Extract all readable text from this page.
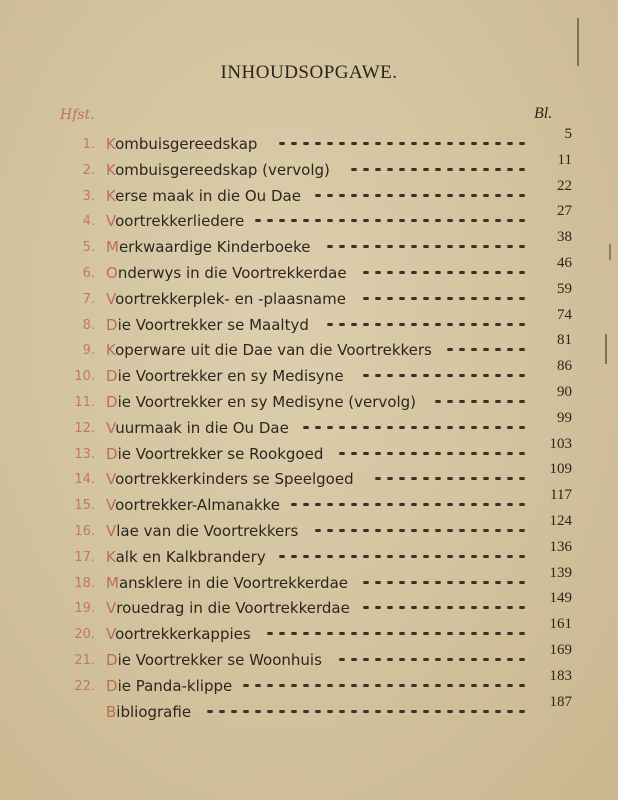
INHOUDSOPGAWE.
Hfst.	Bl.
1. Kombuisgereedskap
5
2. Kombuisgereedskap (vervolg)
11
3. Kerse maak in die Ou Dae
22
4. Voortrekkerliedere
27
5. Merkwaardige Kinderboeke
38
6. Onderwys in die Voortrekkerdae
46
7. Voortrekkerplek- en -plaasname
59
8. Die Voortrekker se Maaltyd
74
9. Koperware uit die Dae van die Voortrekkers
81
10. Die Voortrekker en sy Medisyne
86
11. Die Voortrekker en sy Medisyne (vervolg)
90
12. Vuurmaak in die Ou Dae
99
13. Die Voortrekker se Rookgoed
103
14. Voortrekkerkinders se Speelgoed
109
15. Voortrekker-Almanakke
117
16. Vlae van die Voortrekkers
124
17. Kalk en Kalkbrandery
136
18. Mansklere in die Voortrekkerdae
139
19. Vrouedrag in die Voortrekkerdae
149
20. Voortrekkerkappies
161
21. Die Voortrekker se Woonhuis
169
22. Die Panda-klippe
183
Bibliografie
187
